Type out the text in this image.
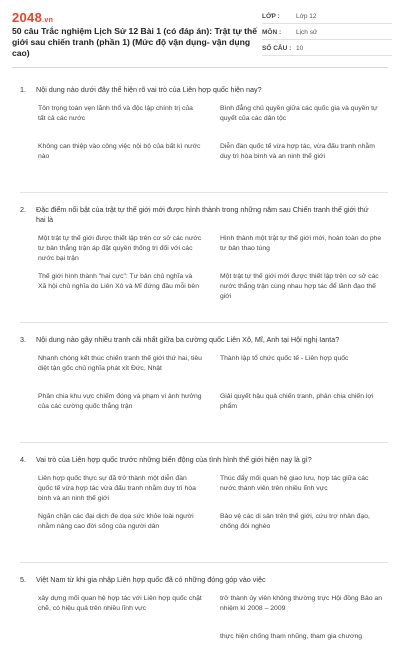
2048.vn
50 câu Trắc nghiệm Lịch Sử 12 Bài 1 (có đáp án): Trật tự thế giới sau chiến tranh (phần 1) (Mức độ vận dụng- vận dụng cao)
LỚP :	Lớp 12
MÔN :	Lịch sử
SỐ CÂU : 10
1.	Nội dung nào dưới đây thể hiện rõ vai trò của Liên hợp quốc hiện nay?
Tôn trọng toàn vẹn lãnh thổ và độc lập chính trị của tất cả các nước
Bình đẳng chủ quyền giữa các quốc gia và quyền tự quyết của các dân tộc
Không can thiệp vào công việc nội bộ của bất kì nước nào
Diễn đàn quốc tế vừa hợp tác, vừa đấu tranh nhằm duy trì hòa bình và an ninh thế giới
2.	Đặc điểm nổi bật của trật tự thế giới mới được hình thành trong những năm sau Chiến tranh thế giới thứ hai là
Một trật tự thế giới được thiết lập trên cơ sở các nước tư bản thắng trận áp đặt quyền thống trị đối với các nước bại trận
Hình thành một trật tự thế giới mới, hoàn toàn do phe tư bản thao túng
Thế giới hình thành "hai cực": Tư bản chủ nghĩa và Xã hội chủ nghĩa do Liên Xô và Mĩ đứng đầu mỗi bên
Một trật tự thế giới mới được thiết lập trên cơ sở các nước thắng trận cùng nhau hợp tác để lãnh đạo thế giới
3.	Nội dung nào gây nhiều tranh cãi nhất giữa ba cường quốc Liên Xô, Mĩ, Anh tại Hội nghị Ianta?
Nhanh chóng kết thúc chiến tranh thế giới thứ hai, tiêu diệt tận gốc chủ nghĩa phát xít Đức, Nhật
Thành lập tổ chức quốc tế - Liên hợp quốc
Phân chia khu vực chiếm đóng và phạm vi ảnh hưởng của các cường quốc thắng trận
Giải quyết hậu quả chiến tranh, phân chia chiến lợi phẩm
4.	Vai trò của Liên hợp quốc trước những biến động của tình hình thế giới hiện nay là gì?
Liên hợp quốc thực sự đã trở thành một diễn đàn quốc tế vừa hợp tác vừa đấu tranh nhằm duy trì hòa bình và an ninh thế giới
Thúc đẩy mối quan hệ giao lưu, hợp tác giữa các nước thành viên trên nhiều lĩnh vực
Ngăn chặn các đại dịch đe dọa sức khỏe loài người nhằm nâng cao đời sống của người dân
Bảo vệ các di sản trên thế giới, cứu trợ nhân đạo, chống đói nghèo
5.	Việt Nam từ khi gia nhập Liên hợp quốc đã có những đóng góp vào việc
xây dựng mối quan hệ hợp tác với Liên hợp quốc chặt chẽ, có hiệu quả trên nhiều lĩnh vực
trở thành ủy viên không thường trực Hội đồng Bảo an nhiệm kì 2008 – 2009
thực hiện chống tham nhũng, tham gia chương
